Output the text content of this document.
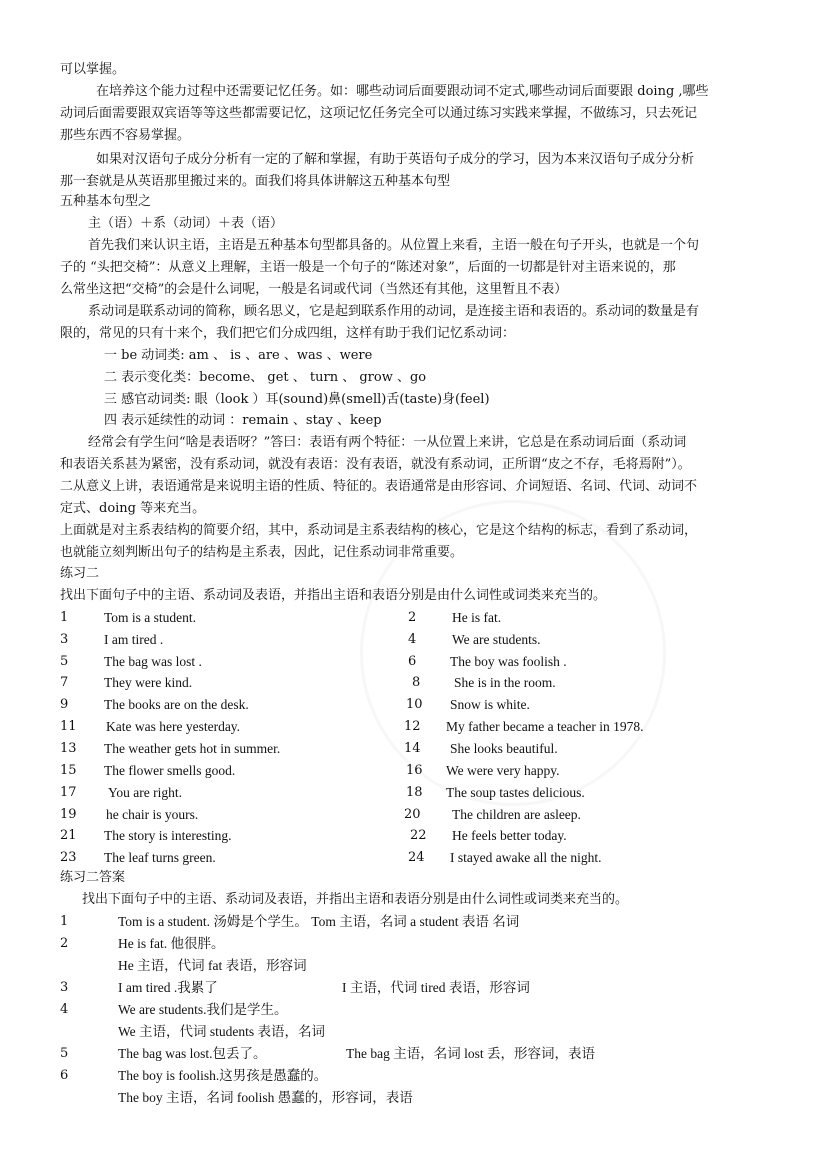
可以掌握。
在培养这个能力过程中还需要记忆任务。如：哪些动词后面要跟动词不定式,哪些动词后面要跟 doing ,哪些
动词后面需要跟双宾语等等这些都需要记忆，这项记忆任务完全可以通过练习实践来掌握，不做练习，只去死记
那些东西不容易掌握。
如果对汉语句子成分分析有一定的了解和掌握，有助于英语句子成分的学习，因为本来汉语句子成分分析
那一套就是从英语那里搬过来的。面我们将具体讲解这五种基本句型
五种基本句型之
主（语）＋系（动词）＋表（语）
首先我们来认识主语，主语是五种基本句型都具备的。从位置上来看，主语一般在句子开头，也就是一个句
子的 “头把交椅”：从意义上理解，主语一般是一个句子的“陈述对象”，后面的一切都是针对主语来说的，那
么常坐这把“交椅”的会是什么词呢，一般是名词或代词（当然还有其他，这里暂且不表）
系动词是联系动词的简称，顾名思义，它是起到联系作用的动词，是连接主语和表语的。系动词的数量是有
限的，常见的只有十来个，我们把它们分成四组，这样有助于我们记忆系动词：
一 be 动词类: am 、 is 、are 、was 、were
二 表示变化类：become、 get 、 turn 、 grow 、go
三 感官动词类: 眼（look ）耳(sound)鼻(smell)舌(taste)身(feel)
四 表示延续性的动词 ：remain 、stay 、keep
经常会有学生问“啥是表语呀？”答曰：表语有两个特征：一从位置上来讲，它总是在系动词后面（系动词
和表语关系甚为紧密，没有系动词，就没有表语：没有表语，就没有系动词，正所谓“皮之不存，毛将焉附”）。
二从意义上讲，表语通常是来说明主语的性质、特征的。表语通常是由形容词、介词短语、名词、代词、动词不
定式、doing 等来充当。
上面就是对主系表结构的简要介绍，其中，系动词是主系表结构的核心，它是这个结构的标志，看到了系动词，
也就能立刻判断出句子的结构是主系表，因此，记住系动词非常重要。
练习二
找出下面句子中的主语、系动词及表语，并指出主语和表语分别是由什么词性或词类来充当的。
1	Tom is a student.	2	He is fat.
3	I am tired .	4	We are students.
5	The bag was lost .	6 The boy was foolish .
7	They were kind.	8 She is in the room.
9	The books are on the desk.	10 Snow is white.
11 Kate was here yesterday.	12 My father became a teacher in 1978.
13 The weather gets hot in summer.	14 She looks beautiful.
15 The flower smells good.	16 We were very happy.
17 You are right.	18 The soup tastes delicious.
19 he chair is yours.	20 The children are asleep.
21 The story is interesting.	22 He feels better today.
23 The leaf turns green.	24 I stayed awake all the night.
练习二答案
找出下面句子中的主语、系动词及表语，并指出主语和表语分别是由什么词性或词类来充当的。
1	Tom is a student. 汤姆是个学生。 Tom 主语，名词 a student 表语 名词
2	He is fat. 他很胖。
He 主语，代词 fat 表语，形容词
3	I am tired .我累了	I 主语，代词 tired 表语，形容词
4	We are students.我们是学生。
We 主语，代词 students 表语，名词
5	The bag was lost.包丢了。	The bag 主语，名词 lost 丢，形容词，表语
6	The boy is foolish.这男孩是愚蠢的。
The boy 主语，名词 foolish 愚蠢的，形容词，表语
